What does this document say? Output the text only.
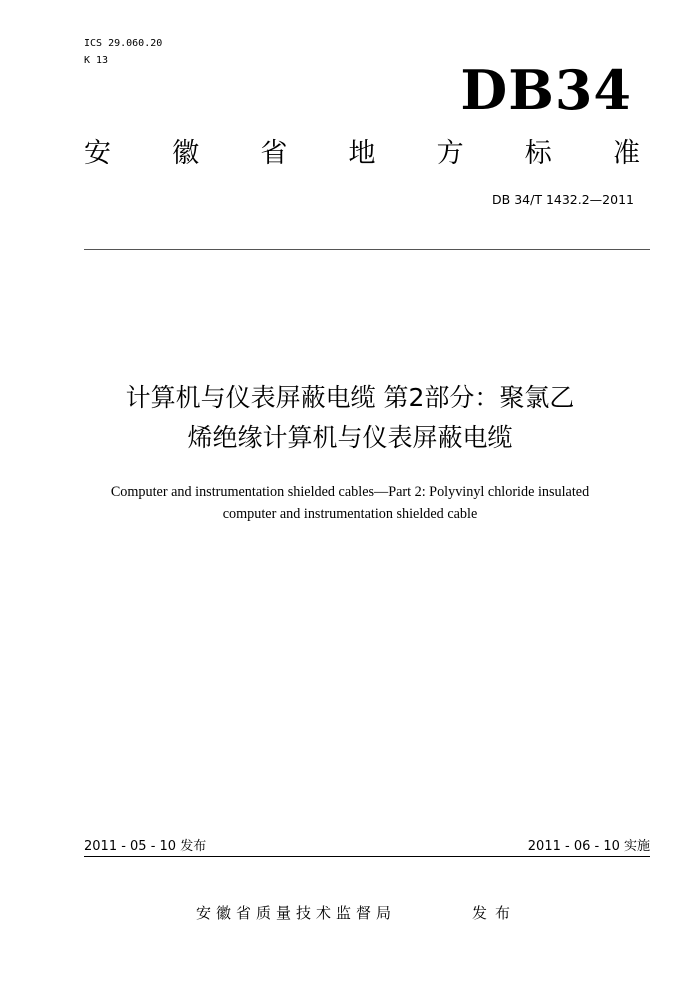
ICS 29.060.20
K 13	DB34
安 徽 省 地 方 标 准
DB 34/T 1432.2—2011
计算机与仪表屏蔽电缆 第2部分：聚氯乙
烯绝缘计算机与仪表屏蔽电缆
Computer and instrumentation shielded cables—Part 2: Polyvinyl chloride insulated
computer and instrumentation shielded cable
2011 - 05 - 10 发布	2011 - 06 - 10 实施
安徽省质量技术监督局	发布
